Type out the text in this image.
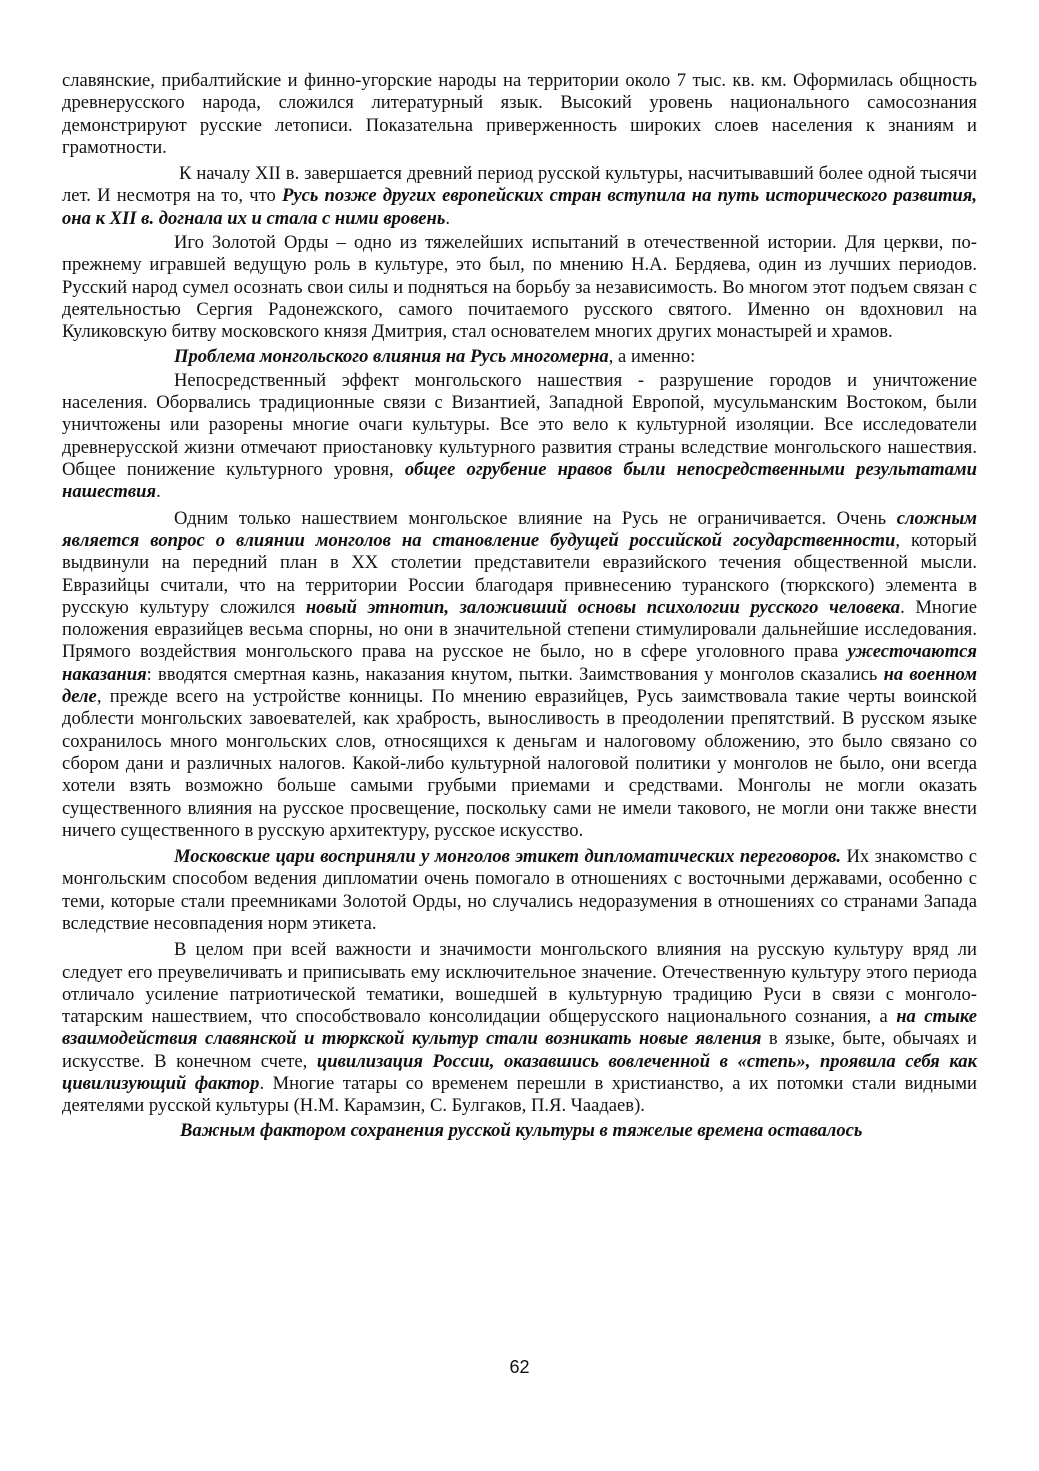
славянские, прибалтийские и финно-угорские народы на территории около 7 тыс. кв. км. Оформилась общность древнерусского народа, сложился литературный язык. Высокий уровень национального самосознания демонстрируют русские летописи. Показательна приверженность широких слоев населения к знаниям и грамотности.

К началу XII в. завершается древний период русской культуры, насчитывавший более одной тысячи лет. И несмотря на то, что Русь позже других европейских стран вступила на путь исторического развития, она к XII в. догнала их и стала с ними вровень.

Иго Золотой Орды – одно из тяжелейших испытаний в отечественной истории. Для церкви, по-прежнему игравшей ведущую роль в культуре, это был, по мнению Н.А. Бердяева, один из лучших периодов. Русский народ сумел осознать свои силы и подняться на борьбу за независимость. Во многом этот подъем связан с деятельностью Сергия Радонежского, самого почитаемого русского святого. Именно он вдохновил на Куликовскую битву московского князя Дмитрия, стал основателем многих других монастырей и храмов.

Проблема монгольского влияния на Русь многомерна, а именно:

Непосредственный эффект монгольского нашествия - разрушение городов и уничтожение населения. Оборвались традиционные связи с Византией, Западной Европой, мусульманским Востоком, были уничтожены или разорены многие очаги культуры. Все это вело к культурной изоляции. Все исследователи древнерусской жизни отмечают приостановку культурного развития страны вследствие монгольского нашествия. Общее понижение культурного уровня, общее огрубение нравов были непосредственными результатами нашествия.

Одним только нашествием монгольское влияние на Русь не ограничивается. Очень сложным является вопрос о влиянии монголов на становление будущей российской государственности, который выдвинули на передний план в XX столетии представители евразийского течения общественной мысли. Евразийцы считали, что на территории России благодаря привнесению туранского (тюркского) элемента в русскую культуру сложился новый этнотип, заложивший основы психологии русского человека. Многие положения евразийцев весьма спорны, но они в значительной степени стимулировали дальнейшие исследования. Прямого воздействия монгольского права на русское не было, но в сфере уголовного права ужесточаются наказания: вводятся смертная казнь, наказания кнутом, пытки. Заимствования у монголов сказались на военном деле, прежде всего на устройстве конницы. По мнению евразийцев, Русь заимствовала такие черты воинской доблести монгольских завоевателей, как храбрость, выносливость в преодолении препятствий. В русском языке сохранилось много монгольских слов, относящихся к деньгам и налоговому обложению, это было связано со сбором дани и различных налогов. Какой-либо культурной налоговой политики у монголов не было, они всегда хотели взять возможно больше самыми грубыми приемами и средствами. Монголы не могли оказать существенного влияния на русское просвещение, поскольку сами не имели такового, не могли они также внести ничего существенного в русскую архитектуру, русское искусство.

Московские цари восприняли у монголов этикет дипломатических переговоров. Их знакомство с монгольским способом ведения дипломатии очень помогало в отношениях с восточными державами, особенно с теми, которые стали преемниками Золотой Орды, но случались недоразумения в отношениях со странами Запада вследствие несовпадения норм этикета.

В целом при всей важности и значимости монгольского влияния на русскую культуру вряд ли следует его преувеличивать и приписывать ему исключительное значение. Отечественную культуру этого периода отличало усиление патриотической тематики, вошедшей в культурную традицию Руси в связи с монголо-татарским нашествием, что способствовало консолидации общерусского национального сознания, а на стыке взаимодействия славянской и тюркской культур стали возникать новые явления в языке, быте, обычаях и искусстве. В конечном счете, цивилизация России, оказавшись вовлеченной в «степь», проявила себя как цивилизующий фактор. Многие татары со временем перешли в христианство, а их потомки стали видными деятелями русской культуры (Н.М. Карамзин, С. Булгаков, П.Я. Чаадаев).

Важным фактором сохранения русской культуры в тяжелые времена оставалось

62
